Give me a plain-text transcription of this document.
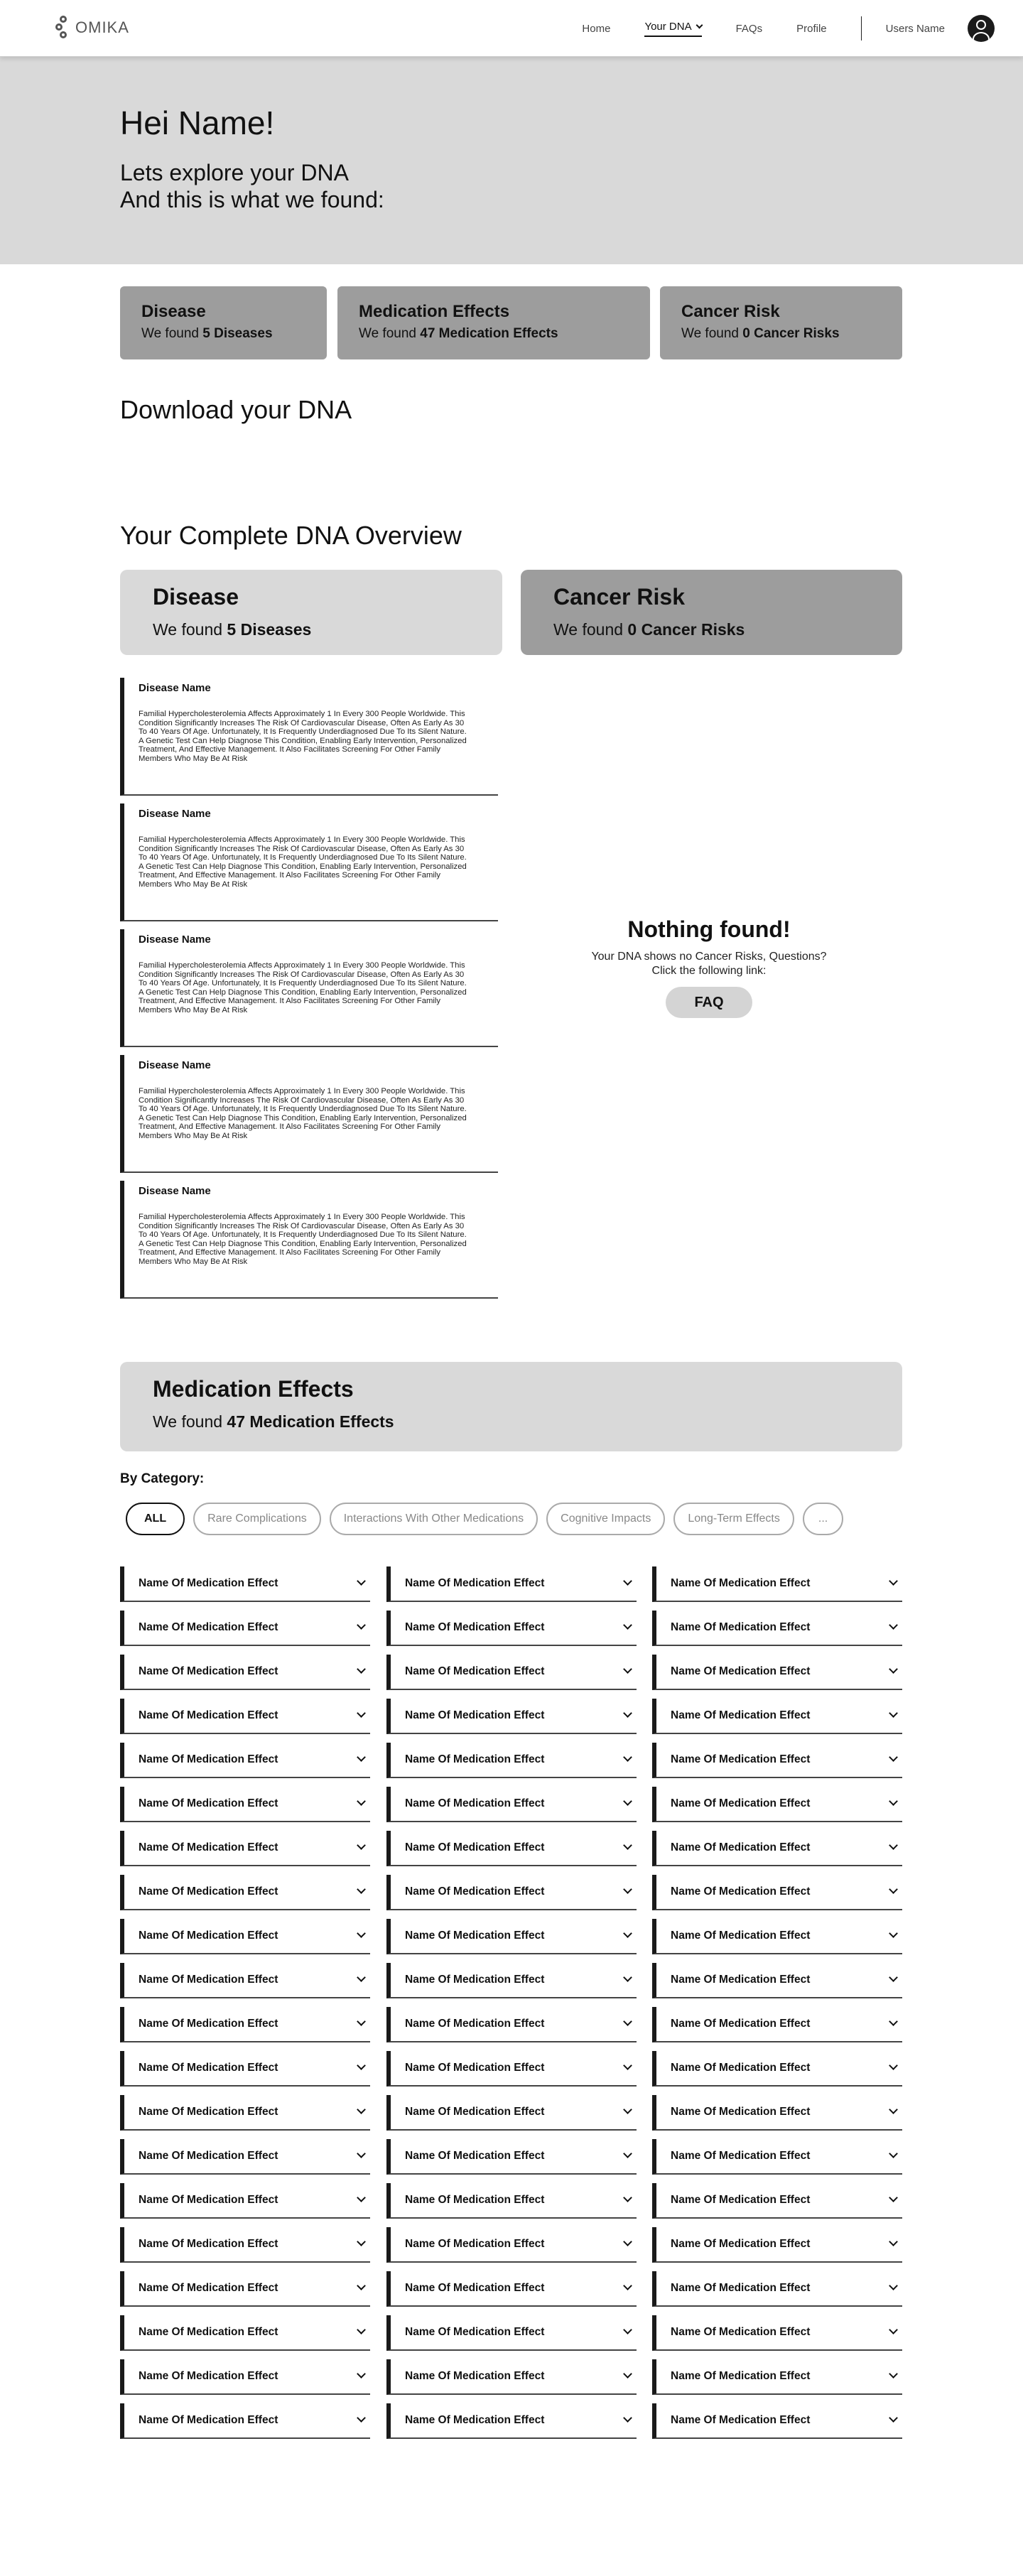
OMIKA	Home	Your DNA	FAQs	Profile	Users Name
Hei Name!
Lets explore your DNA
And this is what we found:
Disease
We found 5 Diseases
Medication Effects
We found 47 Medication Effects
Cancer Risk
We found 0 Cancer Risks
Download your DNA
Your Complete DNA Overview
Disease
We found 5 Diseases
Cancer Risk
We found 0 Cancer Risks
Disease Name
Familial Hypercholesterolemia Affects Approximately 1 In Every 300 People Worldwide. This Condition Significantly Increases The Risk Of Cardiovascular Disease, Often As Early As 30 To 40 Years Of Age. Unfortunately, It Is Frequently Underdiagnosed Due To Its Silent Nature. A Genetic Test Can Help Diagnose This Condition, Enabling Early Intervention, Personalized Treatment, And Effective Management. It Also Facilitates Screening For Other Family Members Who May Be At Risk
Disease Name
Familial Hypercholesterolemia Affects Approximately 1 In Every 300 People Worldwide. This Condition Significantly Increases The Risk Of Cardiovascular Disease, Often As Early As 30 To 40 Years Of Age. Unfortunately, It Is Frequently Underdiagnosed Due To Its Silent Nature. A Genetic Test Can Help Diagnose This Condition, Enabling Early Intervention, Personalized Treatment, And Effective Management. It Also Facilitates Screening For Other Family Members Who May Be At Risk
Disease Name
Familial Hypercholesterolemia Affects Approximately 1 In Every 300 People Worldwide. This Condition Significantly Increases The Risk Of Cardiovascular Disease, Often As Early As 30 To 40 Years Of Age. Unfortunately, It Is Frequently Underdiagnosed Due To Its Silent Nature. A Genetic Test Can Help Diagnose This Condition, Enabling Early Intervention, Personalized Treatment, And Effective Management. It Also Facilitates Screening For Other Family Members Who May Be At Risk
Disease Name
Familial Hypercholesterolemia Affects Approximately 1 In Every 300 People Worldwide. This Condition Significantly Increases The Risk Of Cardiovascular Disease, Often As Early As 30 To 40 Years Of Age. Unfortunately, It Is Frequently Underdiagnosed Due To Its Silent Nature. A Genetic Test Can Help Diagnose This Condition, Enabling Early Intervention, Personalized Treatment, And Effective Management. It Also Facilitates Screening For Other Family Members Who May Be At Risk
Disease Name
Familial Hypercholesterolemia Affects Approximately 1 In Every 300 People Worldwide. This Condition Significantly Increases The Risk Of Cardiovascular Disease, Often As Early As 30 To 40 Years Of Age. Unfortunately, It Is Frequently Underdiagnosed Due To Its Silent Nature. A Genetic Test Can Help Diagnose This Condition, Enabling Early Intervention, Personalized Treatment, And Effective Management. It Also Facilitates Screening For Other Family Members Who May Be At Risk
Nothing found!

Your DNA shows no Cancer Risks, Questions?

Click the following link:

FAQ
Medication Effects
We found 47 Medication Effects
By Category:
ALL	Rare Complications	Interactions With Other Medications	Cognitive Impacts	Long-Term Effects	...
Name Of Medication Effect	Name Of Medication Effect	Name Of Medication Effect
Name Of Medication Effect	Name Of Medication Effect	Name Of Medication Effect
Name Of Medication Effect	Name Of Medication Effect	Name Of Medication Effect
Name Of Medication Effect	Name Of Medication Effect	Name Of Medication Effect
Name Of Medication Effect	Name Of Medication Effect	Name Of Medication Effect
Name Of Medication Effect	Name Of Medication Effect	Name Of Medication Effect
Name Of Medication Effect	Name Of Medication Effect	Name Of Medication Effect
Name Of Medication Effect	Name Of Medication Effect	Name Of Medication Effect
Name Of Medication Effect	Name Of Medication Effect	Name Of Medication Effect
Name Of Medication Effect	Name Of Medication Effect	Name Of Medication Effect
Name Of Medication Effect	Name Of Medication Effect	Name Of Medication Effect
Name Of Medication Effect	Name Of Medication Effect	Name Of Medication Effect
Name Of Medication Effect	Name Of Medication Effect	Name Of Medication Effect
Name Of Medication Effect	Name Of Medication Effect	Name Of Medication Effect
Name Of Medication Effect	Name Of Medication Effect	Name Of Medication Effect
Name Of Medication Effect	Name Of Medication Effect	Name Of Medication Effect
Name Of Medication Effect	Name Of Medication Effect	Name Of Medication Effect
Name Of Medication Effect	Name Of Medication Effect	Name Of Medication Effect
Name Of Medication Effect	Name Of Medication Effect	Name Of Medication Effect
Name Of Medication Effect	Name Of Medication Effect	Name Of Medication Effect
